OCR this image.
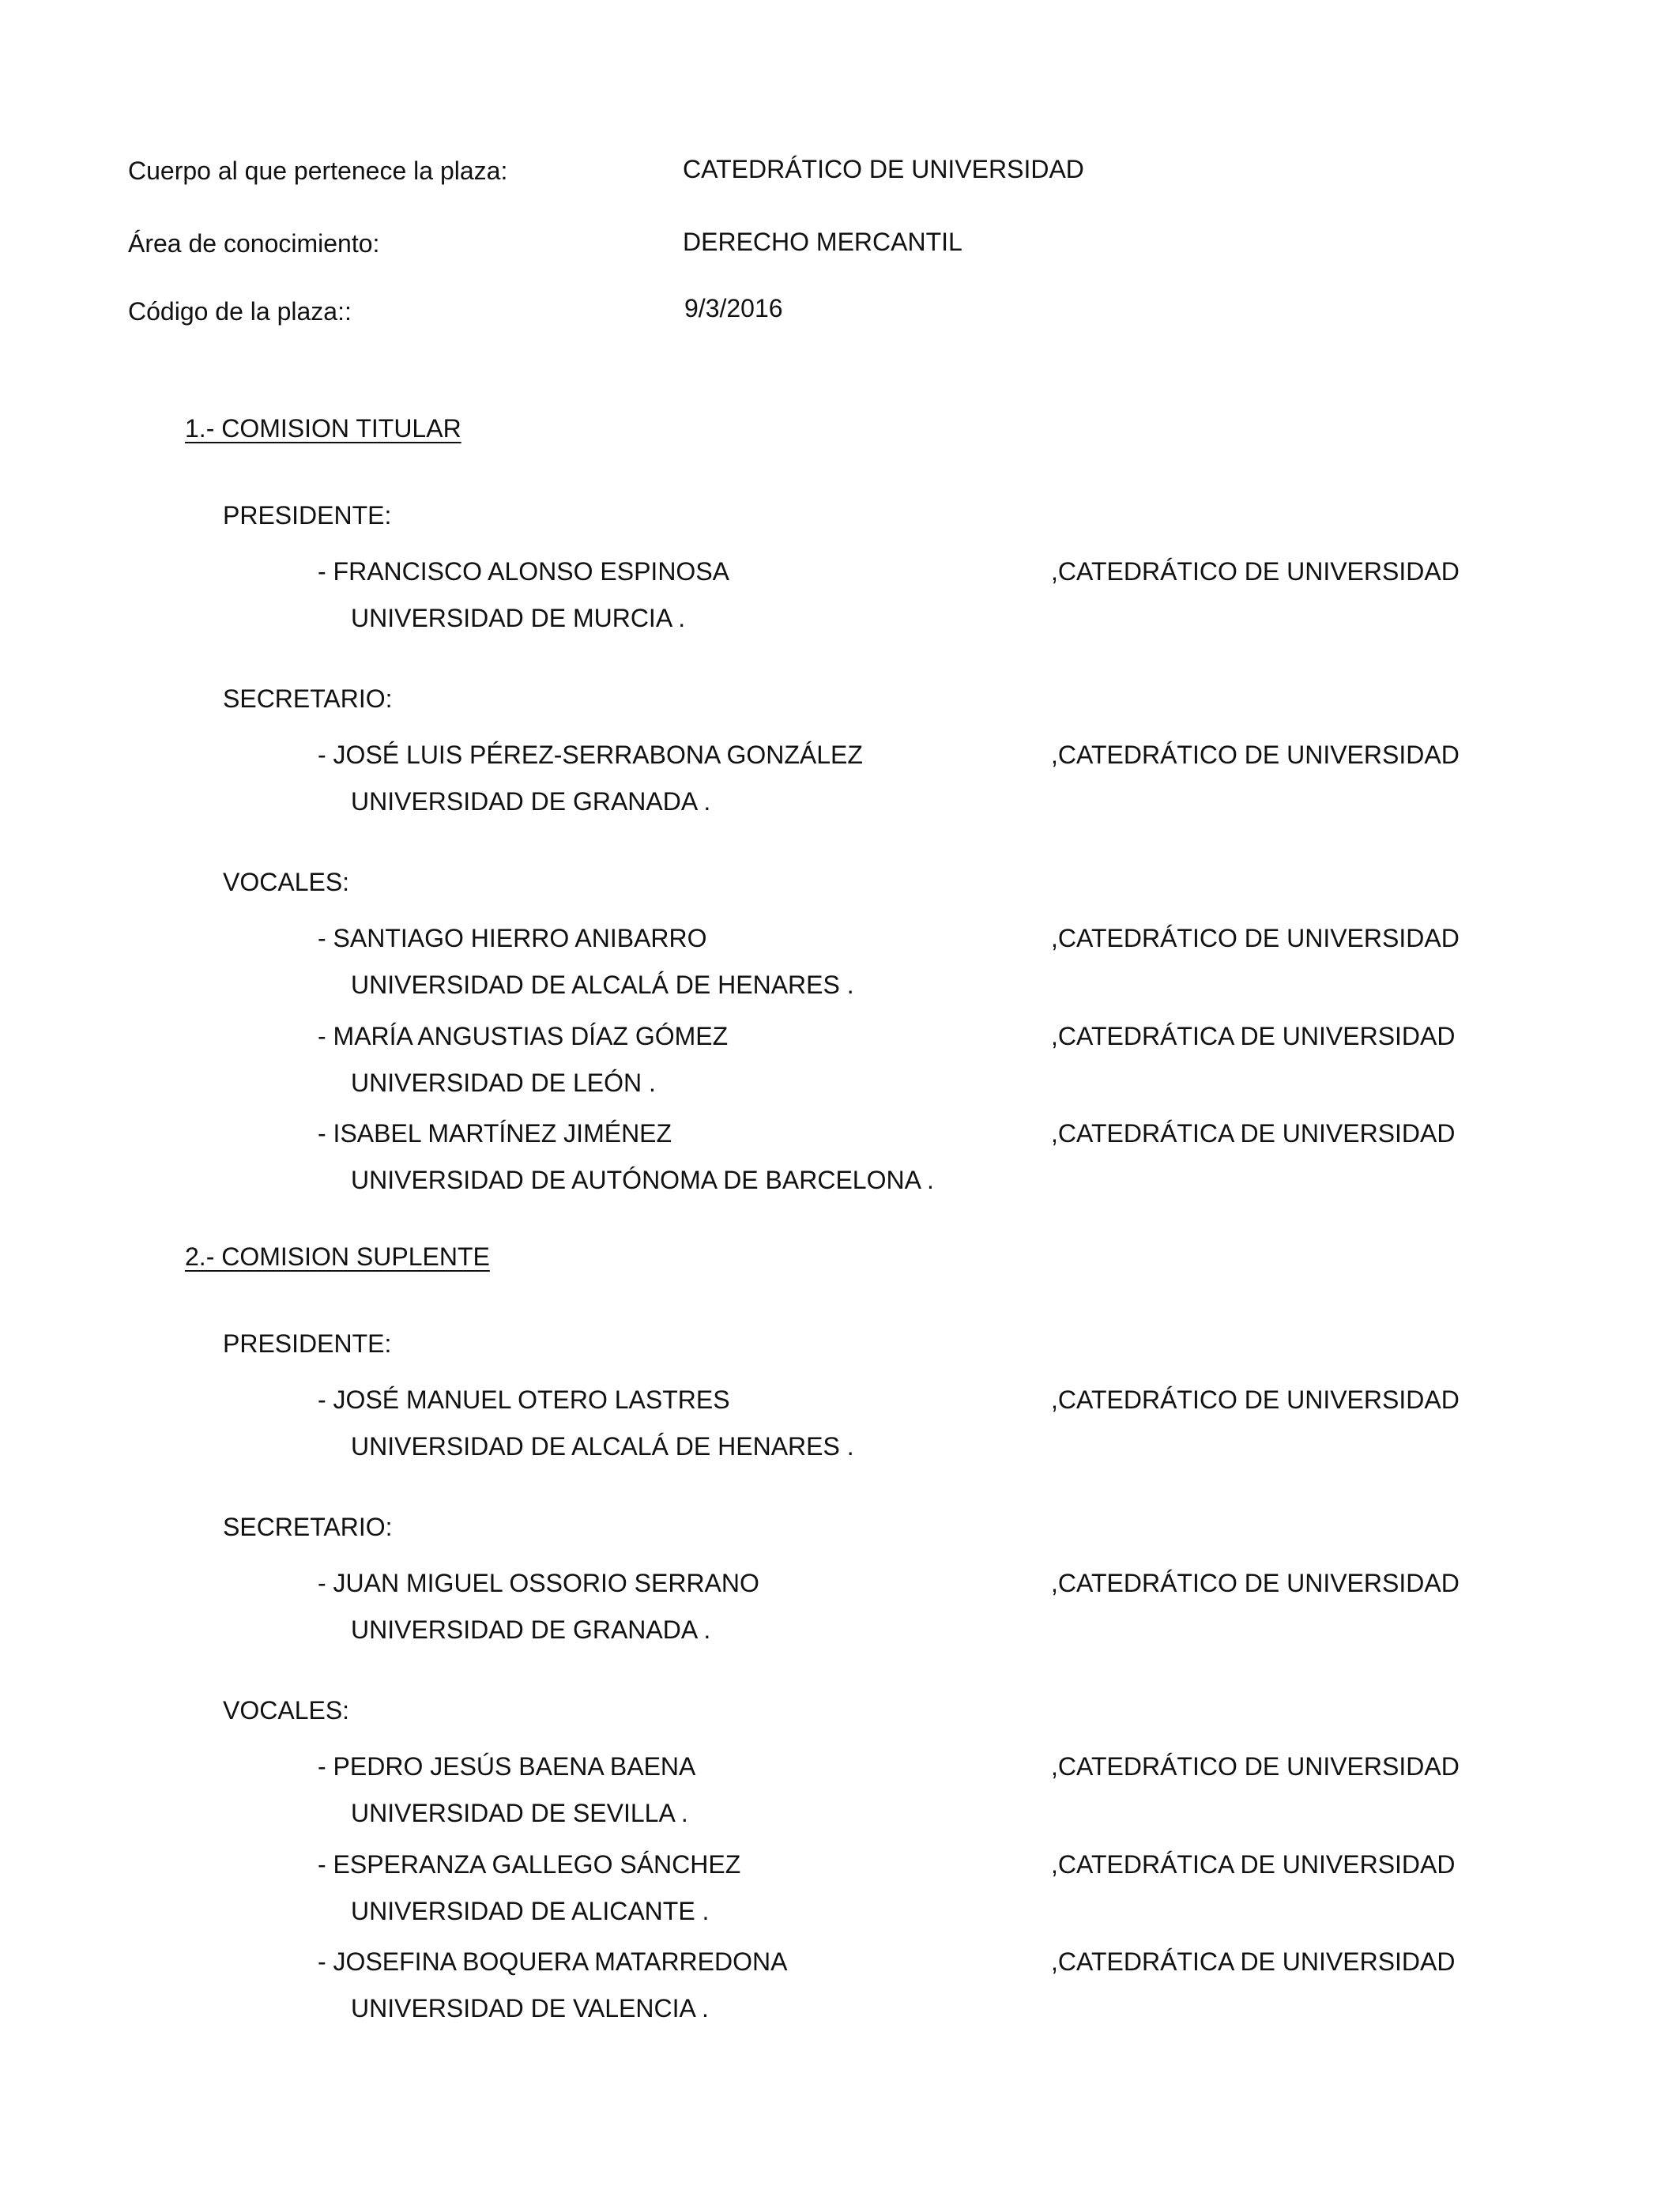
Cuerpo al que pertenece la plaza:	CATEDRÁTICO DE UNIVERSIDAD
Área de conocimiento:	DERECHO MERCANTIL
Código de la plaza::	9/3/2016
1.- COMISION TITULAR
PRESIDENTE:
- FRANCISCO ALONSO ESPINOSA	,CATEDRÁTICO DE UNIVERSIDAD
UNIVERSIDAD DE MURCIA .
SECRETARIO:
- JOSÉ LUIS PÉREZ-SERRABONA GONZÁLEZ	,CATEDRÁTICO DE UNIVERSIDAD
UNIVERSIDAD DE GRANADA .
VOCALES:
- SANTIAGO HIERRO ANIBARRO	,CATEDRÁTICO DE UNIVERSIDAD
UNIVERSIDAD DE ALCALÁ DE HENARES .
- MARÍA ANGUSTIAS DÍAZ GÓMEZ	,CATEDRÁTICA DE UNIVERSIDAD
UNIVERSIDAD DE LEÓN .
- ISABEL MARTÍNEZ JIMÉNEZ	,CATEDRÁTICA DE UNIVERSIDAD
UNIVERSIDAD DE AUTÓNOMA DE BARCELONA .
2.- COMISION SUPLENTE
PRESIDENTE:
- JOSÉ MANUEL OTERO LASTRES	,CATEDRÁTICO DE UNIVERSIDAD
UNIVERSIDAD DE ALCALÁ DE HENARES .
SECRETARIO:
- JUAN MIGUEL OSSORIO SERRANO	,CATEDRÁTICO DE UNIVERSIDAD
UNIVERSIDAD DE GRANADA .
VOCALES:
- PEDRO JESÚS BAENA BAENA	,CATEDRÁTICO DE UNIVERSIDAD
UNIVERSIDAD DE SEVILLA .
- ESPERANZA GALLEGO SÁNCHEZ	,CATEDRÁTICA DE UNIVERSIDAD
UNIVERSIDAD DE ALICANTE .
- JOSEFINA BOQUERA MATARREDONA	,CATEDRÁTICA DE UNIVERSIDAD
UNIVERSIDAD DE VALENCIA .
